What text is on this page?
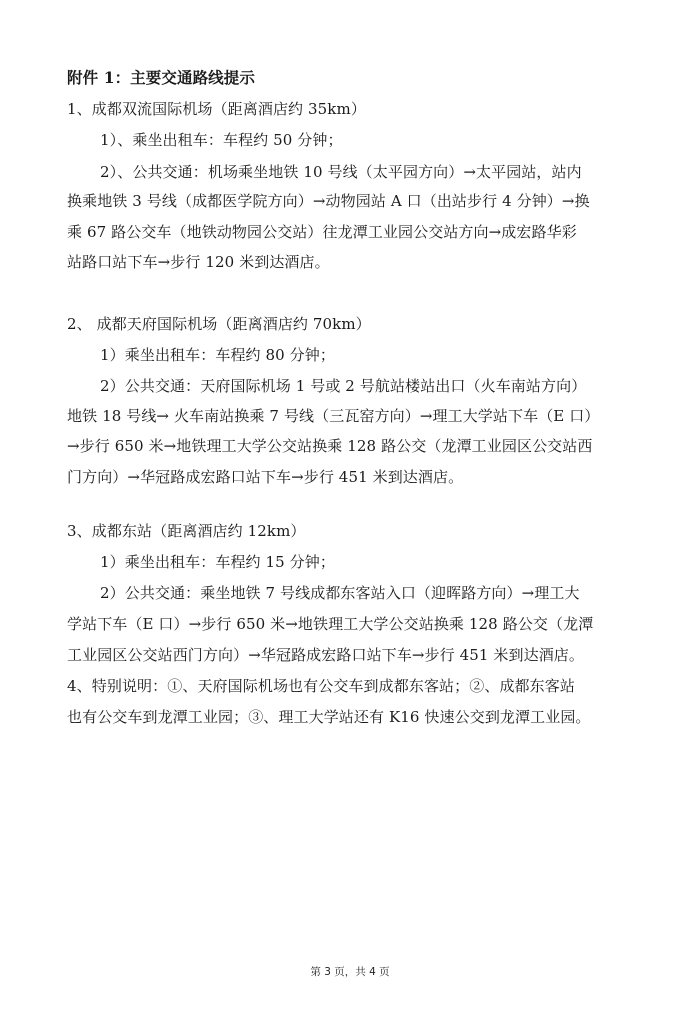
附件 1：主要交通路线提示
1、成都双流国际机场（距离酒店约 35km）
1）、乘坐出租车：车程约 50 分钟；
2）、公共交通：机场乘坐地铁 10 号线（太平园方向）→太平园站，站内
换乘地铁 3 号线（成都医学院方向）→动物园站 A 口（出站步行 4 分钟）→换
乘 67 路公交车（地铁动物园公交站）往龙潭工业园公交站方向→成宏路华彩
站路口站下车→步行 120 米到达酒店。
2、 成都天府国际机场（距离酒店约 70km）
1）乘坐出租车：车程约 80 分钟；
2）公共交通：天府国际机场 1 号或 2 号航站楼站出口（火车南站方向）
地铁 18 号线→ 火车南站换乘 7 号线（三瓦窑方向）→理工大学站下车（E 口）
→步行 650 米→地铁理工大学公交站换乘 128 路公交（龙潭工业园区公交站西
门方向）→华冠路成宏路口站下车→步行 451 米到达酒店。
3、成都东站（距离酒店约 12km）
1）乘坐出租车：车程约 15 分钟；
2）公共交通：乘坐地铁 7 号线成都东客站入口（迎晖路方向）→理工大
学站下车（E 口）→步行 650 米→地铁理工大学公交站换乘 128 路公交（龙潭
工业园区公交站西门方向）→华冠路成宏路口站下车→步行 451 米到达酒店。
4、特别说明：①、天府国际机场也有公交车到成都东客站；②、成都东客站
也有公交车到龙潭工业园；③、理工大学站还有 K16 快速公交到龙潭工业园。
第 3 页，共 4 页
